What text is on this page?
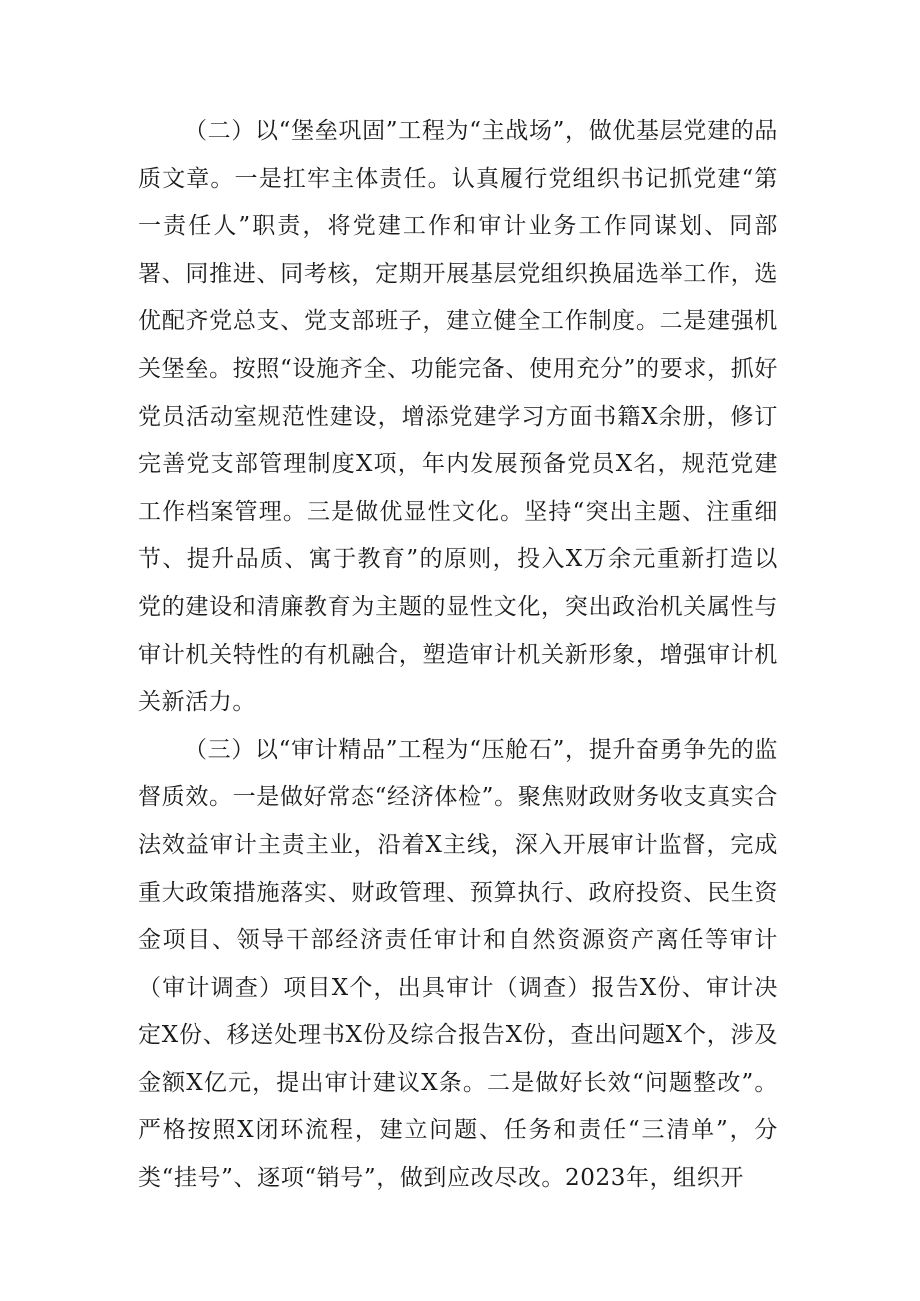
（二）以“堡垒巩固”工程为“主战场”，做优基层党建的品质文章。一是扛牢主体责任。认真履行党组织书记抓党建“第一责任人”职责，将党建工作和审计业务工作同谋划、同部署、同推进、同考核，定期开展基层党组织换届选举工作，选优配齐党总支、党支部班子，建立健全工作制度。二是建强机关堡垒。按照“设施齐全、功能完备、使用充分”的要求，抓好党员活动室规范性建设，增添党建学习方面书籍X余册，修订完善党支部管理制度X项，年内发展预备党员X名，规范党建工作档案管理。三是做优显性文化。坚持“突出主题、注重细节、提升品质、寓于教育”的原则，投入X万余元重新打造以党的建设和清廉教育为主题的显性文化，突出政治机关属性与审计机关特性的有机融合，塑造审计机关新形象，增强审计机关新活力。

（三）以“审计精品”工程为“压舱石”，提升奋勇争先的监督质效。一是做好常态“经济体检”。聚焦财政财务收支真实合法效益审计主责主业，沿着X主线，深入开展审计监督，完成重大政策措施落实、财政管理、预算执行、政府投资、民生资金项目、领导干部经济责任审计和自然资源资产离任等审计（审计调查）项目X个，出具审计（调查）报告X份、审计决定X份、移送处理书X份及综合报告X份，查出问题X个，涉及金额X亿元，提出审计建议X条。二是做好长效“问题整改”。严格按照X闭环流程，建立问题、任务和责任“三清单”，分类“挂号”、逐项“销号”，做到应改尽改。2023年，组织开
